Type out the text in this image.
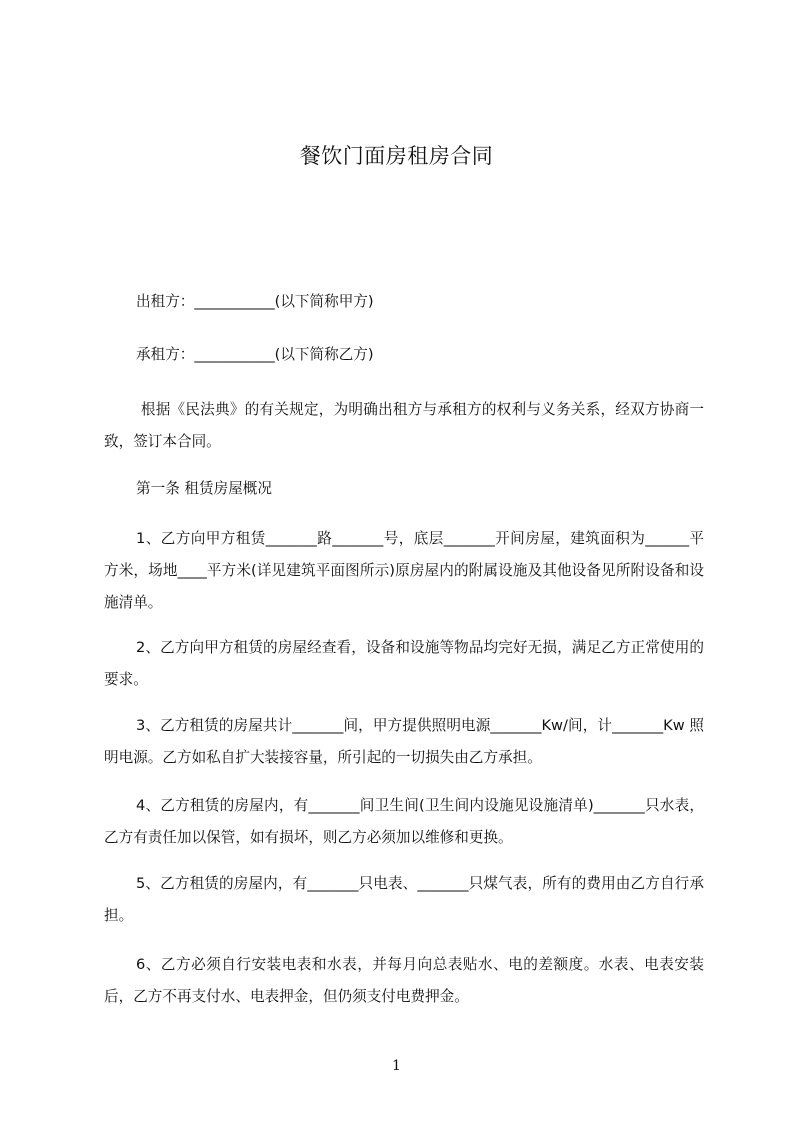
餐饮门面房租房合同
出租方：___________(以下简称甲方)
承租方：___________(以下简称乙方)
根据《民法典》的有关规定，为明确出租方与承租方的权利与义务关系，经双方协商一致，签订本合同。
第一条 租赁房屋概况
1、乙方向甲方租赁_______路_______号，底层_______开间房屋，建筑面积为______平方米，场地____平方米(详见建筑平面图所示)原房屋内的附属设施及其他设备见所附设备和设施清单。
2、乙方向甲方租赁的房屋经查看，设备和设施等物品均完好无损，满足乙方正常使用的要求。
3、乙方租赁的房屋共计_______间，甲方提供照明电源_______Kw/间，计_______Kw 照明电源。乙方如私自扩大装接容量，所引起的一切损失由乙方承担。
4、乙方租赁的房屋内，有_______间卫生间(卫生间内设施见设施清单)_______只水表，乙方有责任加以保管，如有损坏，则乙方必须加以维修和更换。
5、乙方租赁的房屋内，有_______只电表、_______只煤气表，所有的费用由乙方自行承担。
6、乙方必须自行安装电表和水表，并每月向总表贴水、电的差额度。水表、电表安装后，乙方不再支付水、电表押金，但仍须支付电费押金。
1
